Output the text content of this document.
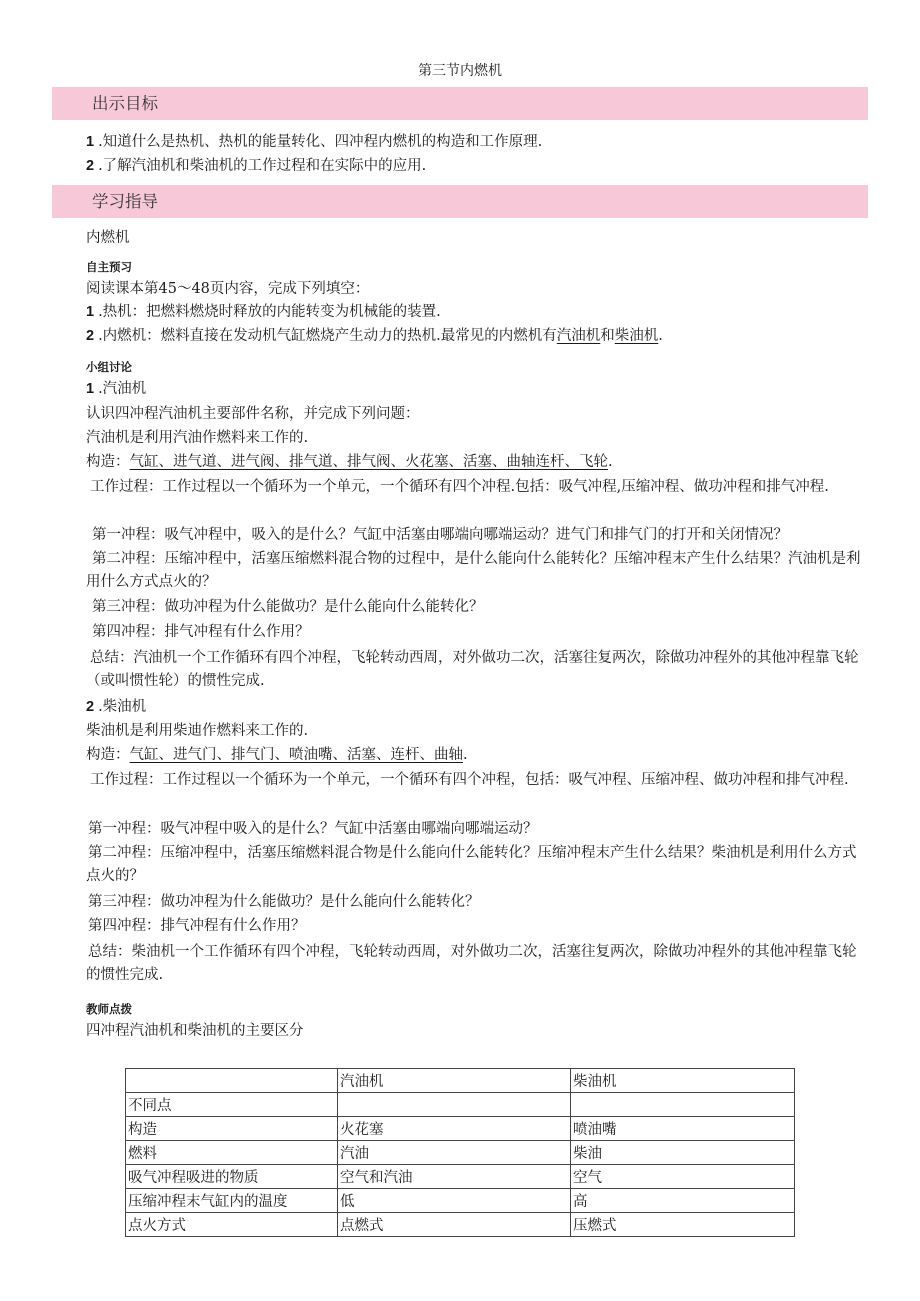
第三节内燃机
出示目标
1 .知道什么是热机、热机的能量转化、四冲程内燃机的构造和工作原理.
2 .了解汽油机和柴油机的工作过程和在实际中的应用.
学习指导
内燃机
自主预习
阅读课本第45～48页内容，完成下列填空：
1 .热机：把燃料燃烧时释放的内能转变为机械能的装置.
2 .内燃机：燃料直接在发动机气缸燃烧产生动力的热机.最常见的内燃机有汽油机和柴油机.
小组讨论
1 .汽油机
认识四冲程汽油机主要部件名称，并完成下列问题：
汽油机是利用汽油作燃料来工作的.
构造：气缸、进气道、进气阀、排气道、排气阀、火花塞、活塞、曲轴连杆、飞轮.
工作过程：工作过程以一个循环为一个单元，一个循环有四个冲程.包括：吸气冲程,压缩冲程、做功冲程和排气冲程.
第一冲程：吸气冲程中，吸入的是什么？气缸中活塞由哪端向哪端运动？进气门和排气门的打开和关闭情况？
第二冲程：压缩冲程中，活塞压缩燃料混合物的过程中，是什么能向什么能转化？压缩冲程末产生什么结果？汽油机是利用什么方式点火的？
第三冲程：做功冲程为什么能做功？是什么能向什么能转化？
第四冲程：排气冲程有什么作用？
总结：汽油机一个工作循环有四个冲程，飞轮转动西周，对外做功二次，活塞往复两次，除做功冲程外的其他冲程靠飞轮（或叫惯性轮）的惯性完成.
2 .柴油机
柴油机是利用柴迪作燃料来工作的.
构造：气缸、进气门、排气门、喷油嘴、活塞、连杆、曲轴.
工作过程：工作过程以一个循环为一个单元，一个循环有四个冲程，包括：吸气冲程、压缩冲程、做功冲程和排气冲程.
第一冲程：吸气冲程中吸入的是什么？气缸中活塞由哪端向哪端运动？
第二冲程：压缩冲程中，活塞压缩燃料混合物是什么能向什么能转化？压缩冲程末产生什么结果？柴油机是利用什么方式点火的？
第三冲程：做功冲程为什么能做功？是什么能向什么能转化？
第四冲程：排气冲程有什么作用？
总结：柴油机一个工作循环有四个冲程，飞轮转动西周，对外做功二次，活塞往复两次，除做功冲程外的其他冲程靠飞轮的惯性完成.
教师点拨
四冲程汽油机和柴油机的主要区分
	汽油机	柴油机
不同点		
构造	火花塞	喷油嘴
燃料	汽油	柴油
吸气冲程吸进的物质	空气和汽油	空气
压缩冲程末气缸内的温度	低	高
点火方式	点燃式	压燃式
